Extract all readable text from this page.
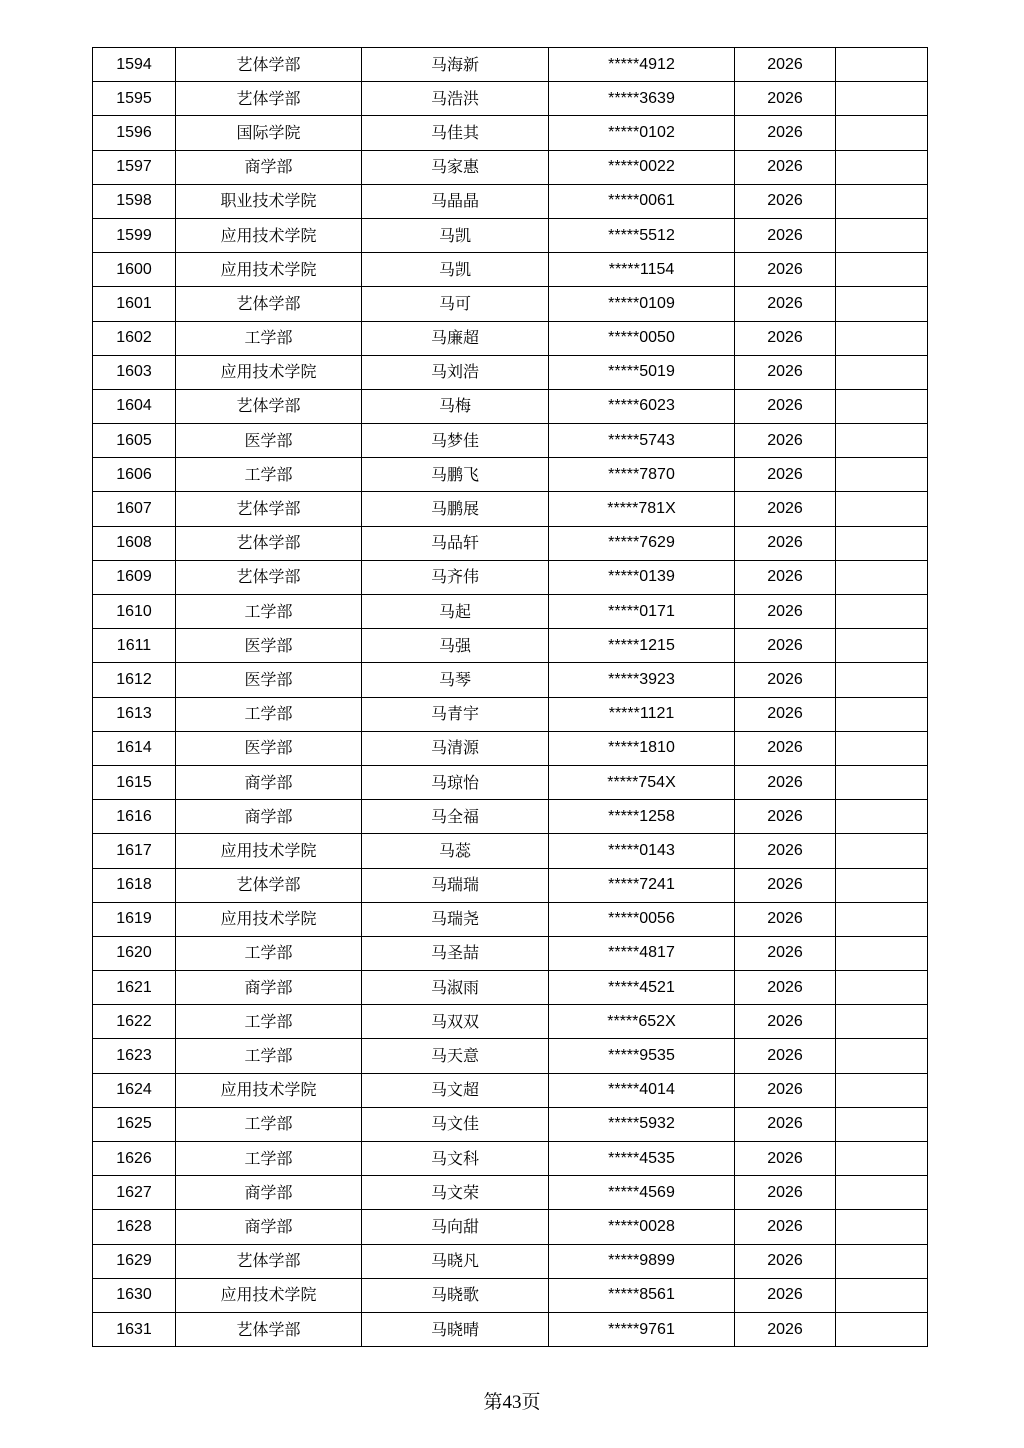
1594	艺体学部	马海新	*****4912	2026	
1595	艺体学部	马浩洪	*****3639	2026	
1596	国际学院	马佳其	*****0102	2026	
1597	商学部	马家惠	*****0022	2026	
1598	职业技术学院	马晶晶	*****0061	2026	
1599	应用技术学院	马凯	*****5512	2026	
1600	应用技术学院	马凯	*****1154	2026	
1601	艺体学部	马可	*****0109	2026	
1602	工学部	马廉超	*****0050	2026	
1603	应用技术学院	马刘浩	*****5019	2026	
1604	艺体学部	马梅	*****6023	2026	
1605	医学部	马梦佳	*****5743	2026	
1606	工学部	马鹏飞	*****7870	2026	
1607	艺体学部	马鹏展	*****781X	2026	
1608	艺体学部	马品轩	*****7629	2026	
1609	艺体学部	马齐伟	*****0139	2026	
1610	工学部	马起	*****0171	2026	
1611	医学部	马强	*****1215	2026	
1612	医学部	马琴	*****3923	2026	
1613	工学部	马青宇	*****1121	2026	
1614	医学部	马清源	*****1810	2026	
1615	商学部	马琼怡	*****754X	2026	
1616	商学部	马全福	*****1258	2026	
1617	应用技术学院	马蕊	*****0143	2026	
1618	艺体学部	马瑞瑞	*****7241	2026	
1619	应用技术学院	马瑞尧	*****0056	2026	
1620	工学部	马圣喆	*****4817	2026	
1621	商学部	马淑雨	*****4521	2026	
1622	工学部	马双双	*****652X	2026	
1623	工学部	马天意	*****9535	2026	
1624	应用技术学院	马文超	*****4014	2026	
1625	工学部	马文佳	*****5932	2026	
1626	工学部	马文科	*****4535	2026	
1627	商学部	马文荣	*****4569	2026	
1628	商学部	马向甜	*****0028	2026	
1629	艺体学部	马晓凡	*****9899	2026	
1630	应用技术学院	马晓歌	*****8561	2026	
1631	艺体学部	马晓晴	*****9761	2026	
第43页
